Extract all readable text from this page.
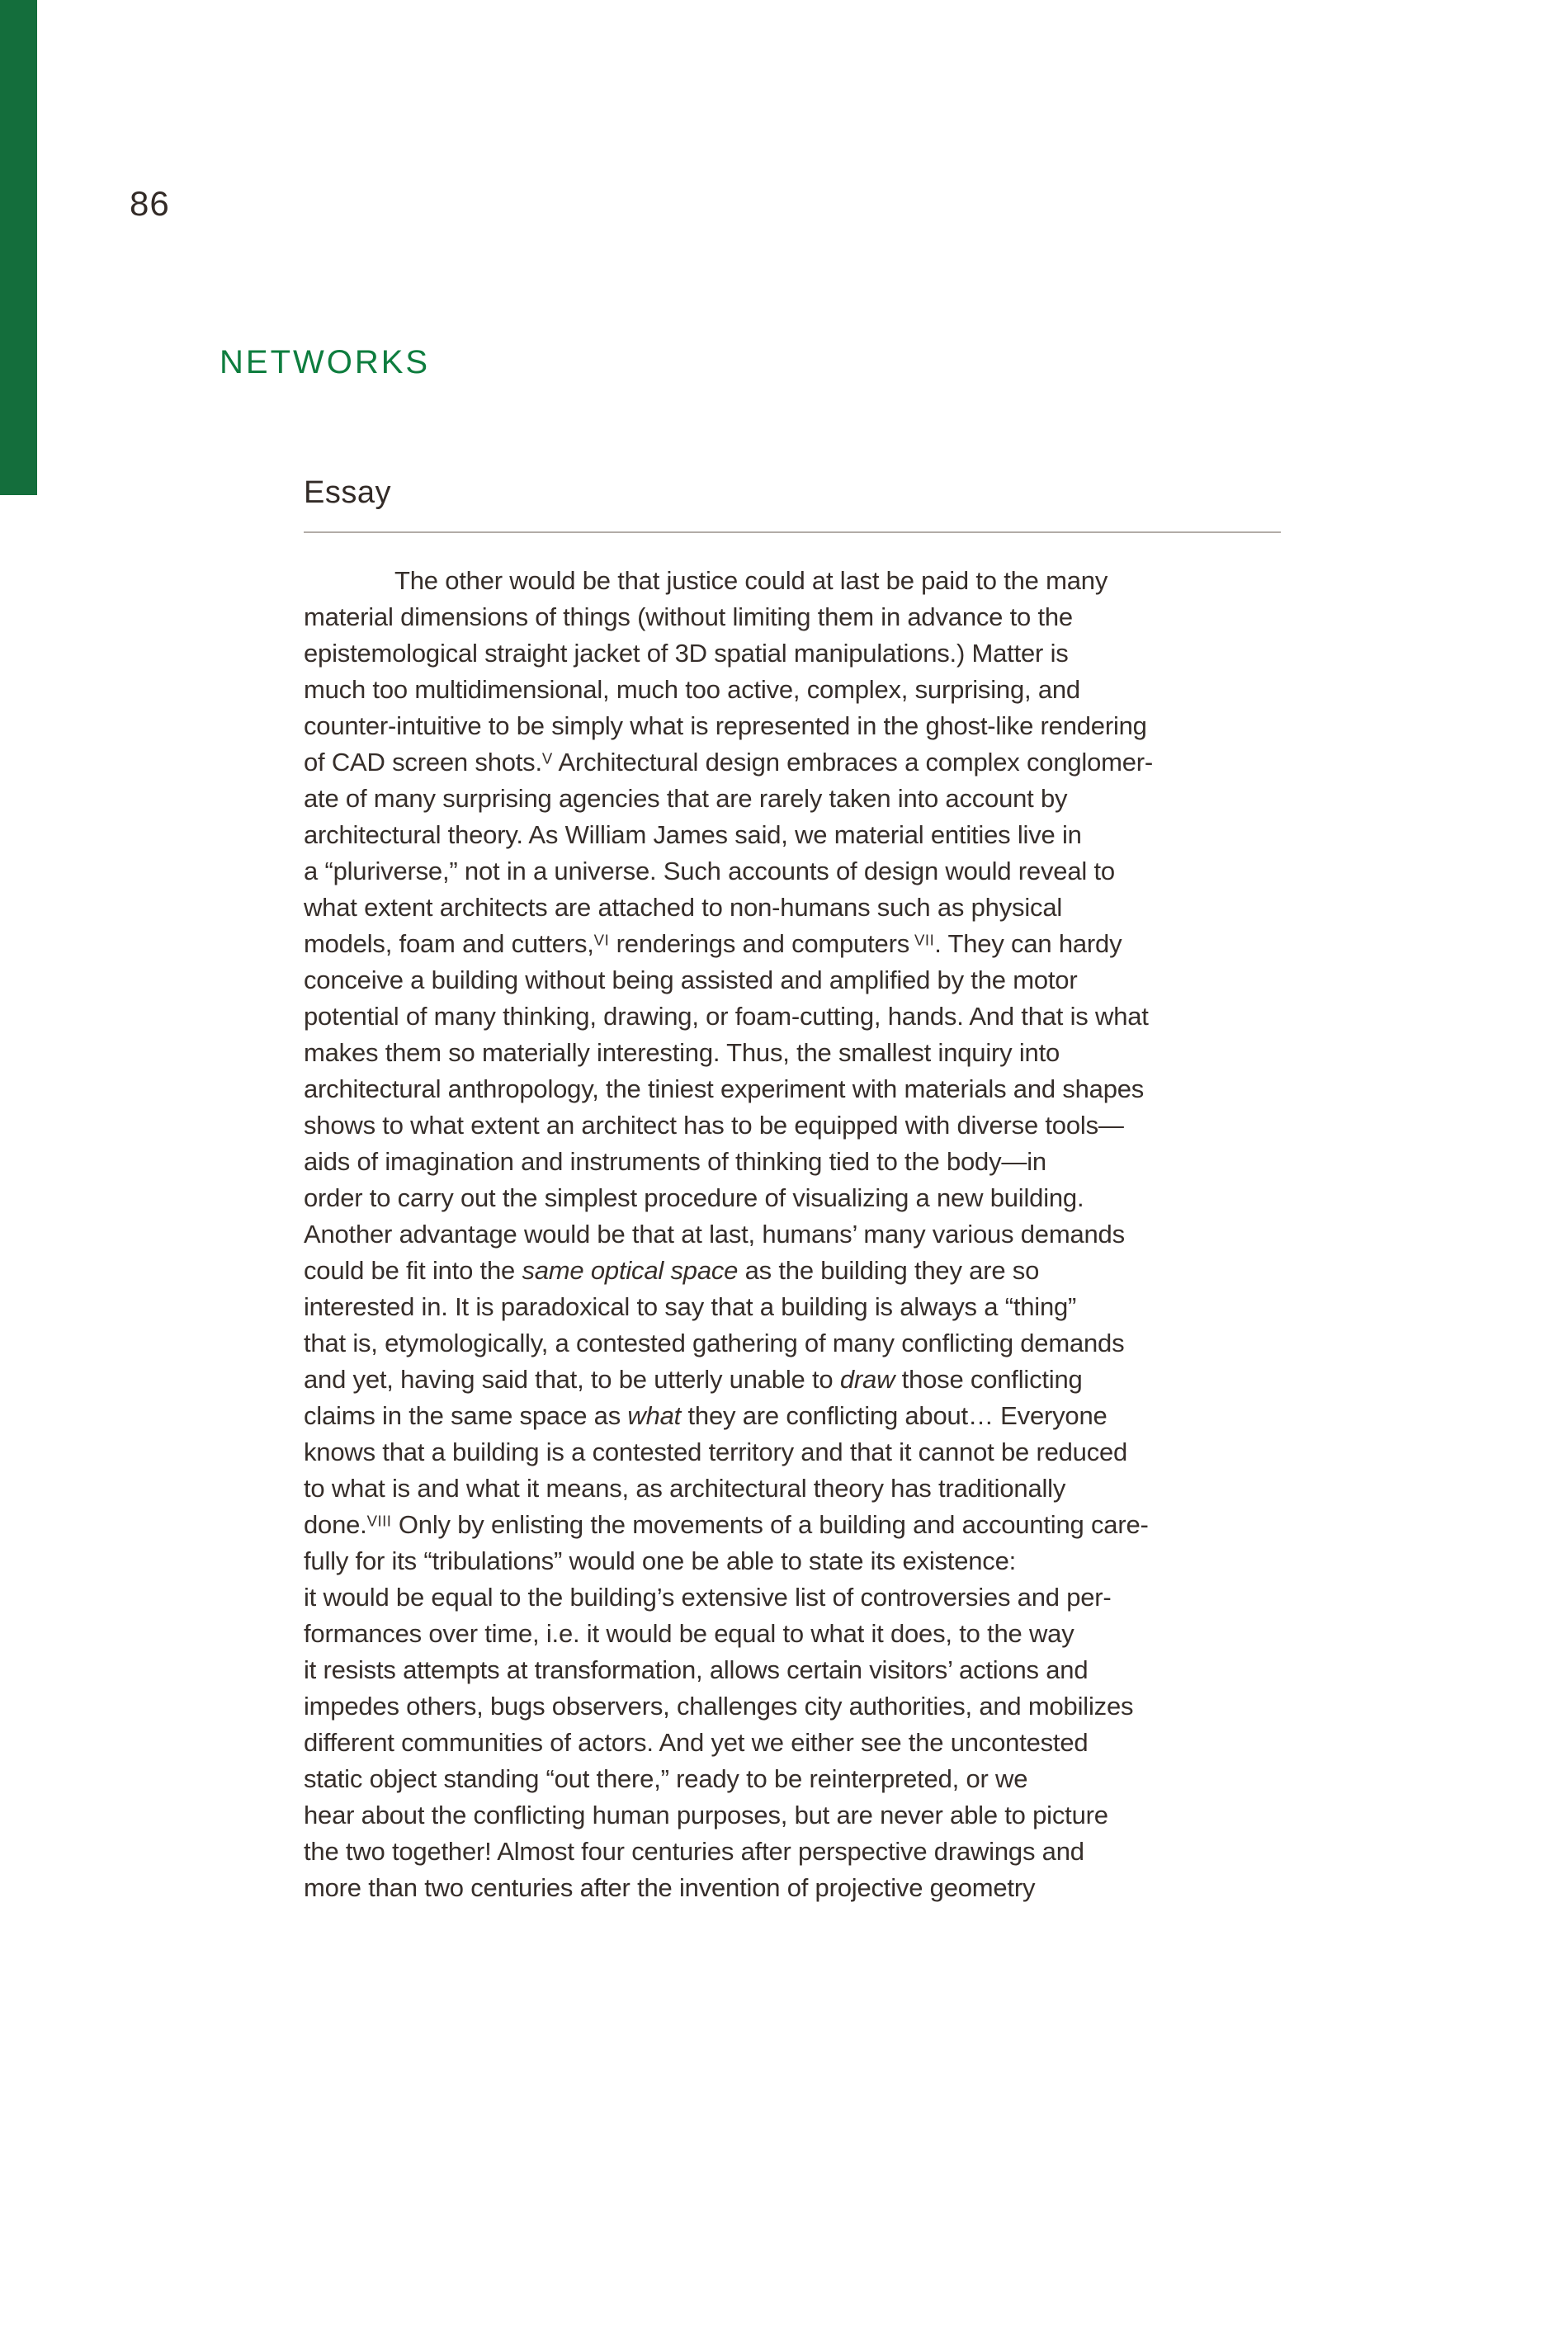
86
NETWORKS
Essay
The other would be that justice could at last be paid to the many
material dimensions of things (without limiting them in advance to the
epistemological straight jacket of 3D spatial manipulations.) Matter is
much too multidimensional, much too active, complex, surprising, and
counter-intuitive to be simply what is represented in the ghost-like rendering
of CAD screen shots.$^V$ Architectural design embraces a complex conglomer-
ate of many surprising agencies that are rarely taken into account by
architectural theory. As William James said, we material entities live in
a “pluriverse,” not in a universe. Such accounts of design would reveal to
what extent architects are attached to non-humans such as physical
models, foam and cutters,$^{VI}$ renderings and computers $^{VII}$. They can hardy
conceive a building without being assisted and amplified by the motor
potential of many thinking, drawing, or foam-cutting, hands. And that is what
makes them so materially interesting. Thus, the smallest inquiry into
architectural anthropology, the tiniest experiment with materials and shapes
shows to what extent an architect has to be equipped with diverse tools—
aids of imagination and instruments of thinking tied to the body—in
order to carry out the simplest procedure of visualizing a new building.
Another advantage would be that at last, humans’ many various demands
could be fit into the same optical space as the building they are so
interested in. It is paradoxical to say that a building is always a “thing”
that is, etymologically, a contested gathering of many conflicting demands
and yet, having said that, to be utterly unable to draw those conflicting
claims in the same space as what they are conflicting about… Everyone
knows that a building is a contested territory and that it cannot be reduced
to what is and what it means, as architectural theory has traditionally
done.$^{VIII}$ Only by enlisting the movements of a building and accounting care-
fully for its “tribulations” would one be able to state its existence:
it would be equal to the building’s extensive list of controversies and per-
formances over time, i.e. it would be equal to what it does, to the way
it resists attempts at transformation, allows certain visitors’ actions and
impedes others, bugs observers, challenges city authorities, and mobilizes
different communities of actors. And yet we either see the uncontested
static object standing “out there,” ready to be reinterpreted, or we
hear about the conflicting human purposes, but are never able to picture
the two together! Almost four centuries after perspective drawings and
more than two centuries after the invention of projective geometry
